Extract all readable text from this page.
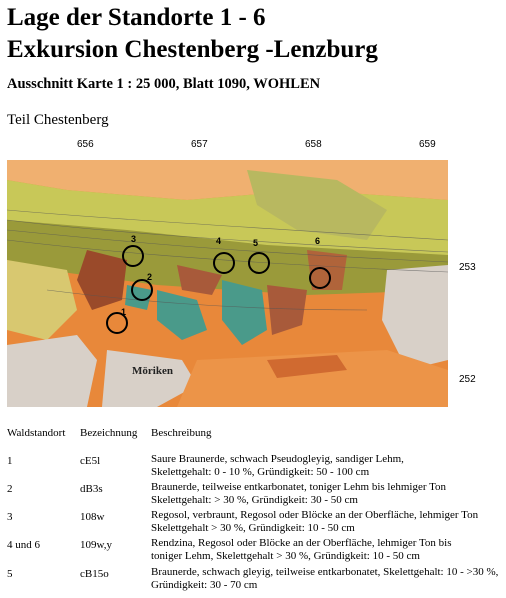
Lage der Standorte 1 - 6
Exkursion Chestenberg -Lenzburg
Ausschnitt Karte 1 : 25 000, Blatt 1090, WOHLEN
Teil Chestenberg
656	657	658	659
253
252
Möriken
1
2
3	4	5	6
Waldstandort Bezeichnung Beschreibung
1	cE5l	Saure Braunerde, schwach Pseudogleyig, sandiger Lehm,
Skelettgehalt: 0 - 10 %, Gründigkeit: 50 - 100 cm
2	dB3s	Braunerde, teilweise entkarbonatet, toniger Lehm bis lehmiger Ton
Skelettgehalt: > 30 %, Gründigkeit: 30 - 50 cm
3	108w	Regosol, verbraunt, Regosol oder Blöcke an der Oberfläche, lehmiger Ton
Skelettgehalt > 30 %, Gründigkeit: 10 - 50 cm
4 und 6	109w,y	Rendzina, Regosol oder Blöcke an der Oberfläche, lehmiger Ton bis
toniger Lehm, Skelettgehalt > 30 %, Gründigkeit: 10 - 50 cm
5	cB15o	Braunerde, schwach gleyig, teilweise entkarbonatet, Skelettgehalt: 10 - >30 %,
Gründigkeit: 30 - 70 cm
